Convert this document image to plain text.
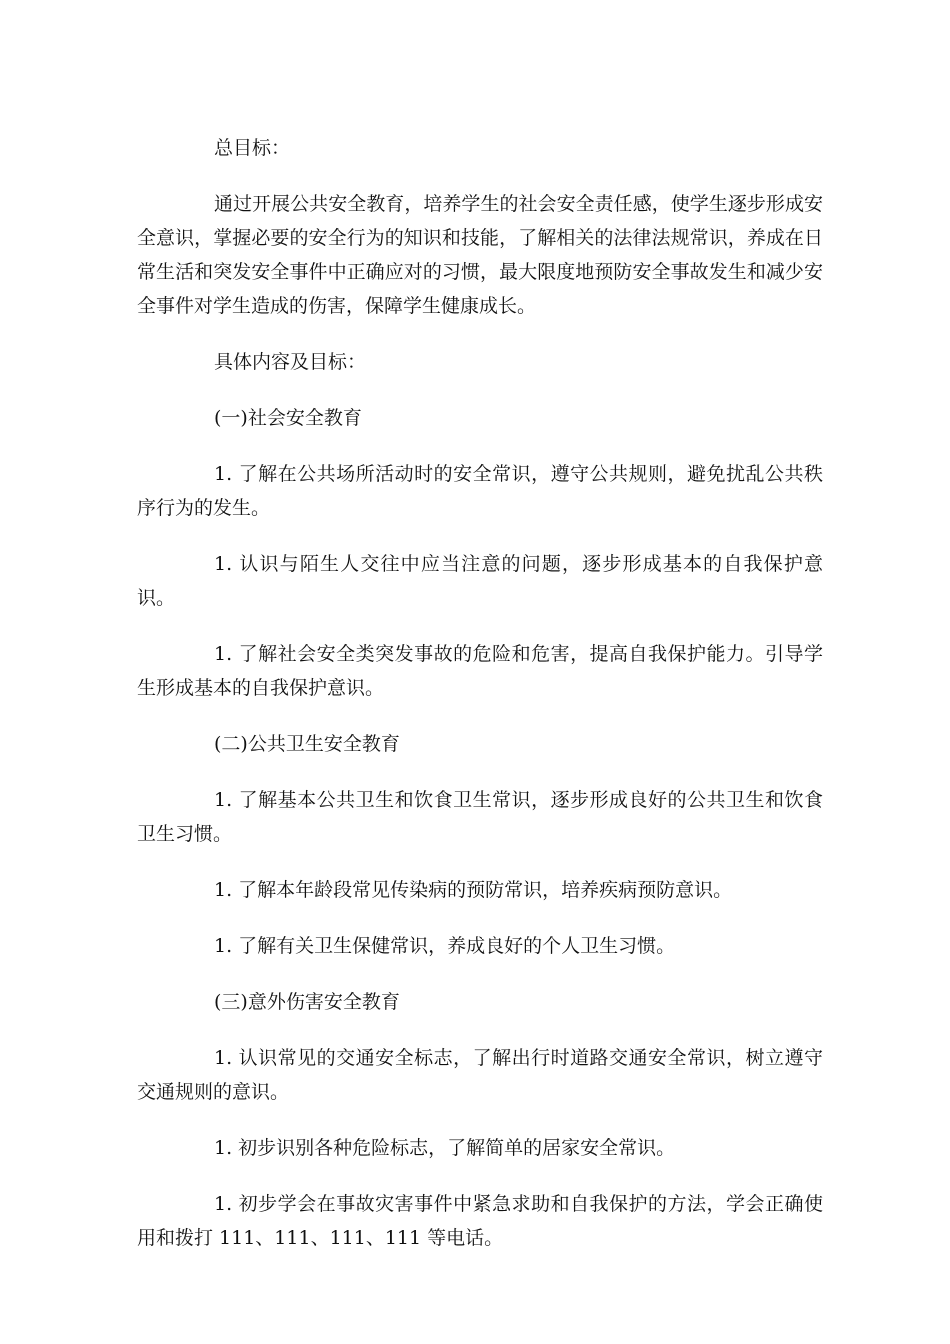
总目标：

通过开展公共安全教育，培养学生的社会安全责任感，使学生逐步形成安全意识，掌握必要的安全行为的知识和技能，了解相关的法律法规常识，养成在日常生活和突发安全事件中正确应对的习惯，最大限度地预防安全事故发生和减少安全事件对学生造成的伤害，保障学生健康成长。

具体内容及目标：

(一)社会安全教育

1. 了解在公共场所活动时的安全常识，遵守公共规则，避免扰乱公共秩序行为的发生。

1. 认识与陌生人交往中应当注意的问题，逐步形成基本的自我保护意识。

1. 了解社会安全类突发事故的危险和危害，提高自我保护能力。引导学生形成基本的自我保护意识。

(二)公共卫生安全教育

1. 了解基本公共卫生和饮食卫生常识，逐步形成良好的公共卫生和饮食卫生习惯。

1. 了解本年龄段常见传染病的预防常识，培养疾病预防意识。

1. 了解有关卫生保健常识，养成良好的个人卫生习惯。

(三)意外伤害安全教育

1. 认识常见的交通安全标志，了解出行时道路交通安全常识，树立遵守交通规则的意识。

1. 初步识别各种危险标志，了解简单的居家安全常识。

1. 初步学会在事故灾害事件中紧急求助和自我保护的方法，学会正确使用和拨打 111、111、111、111 等电话。
